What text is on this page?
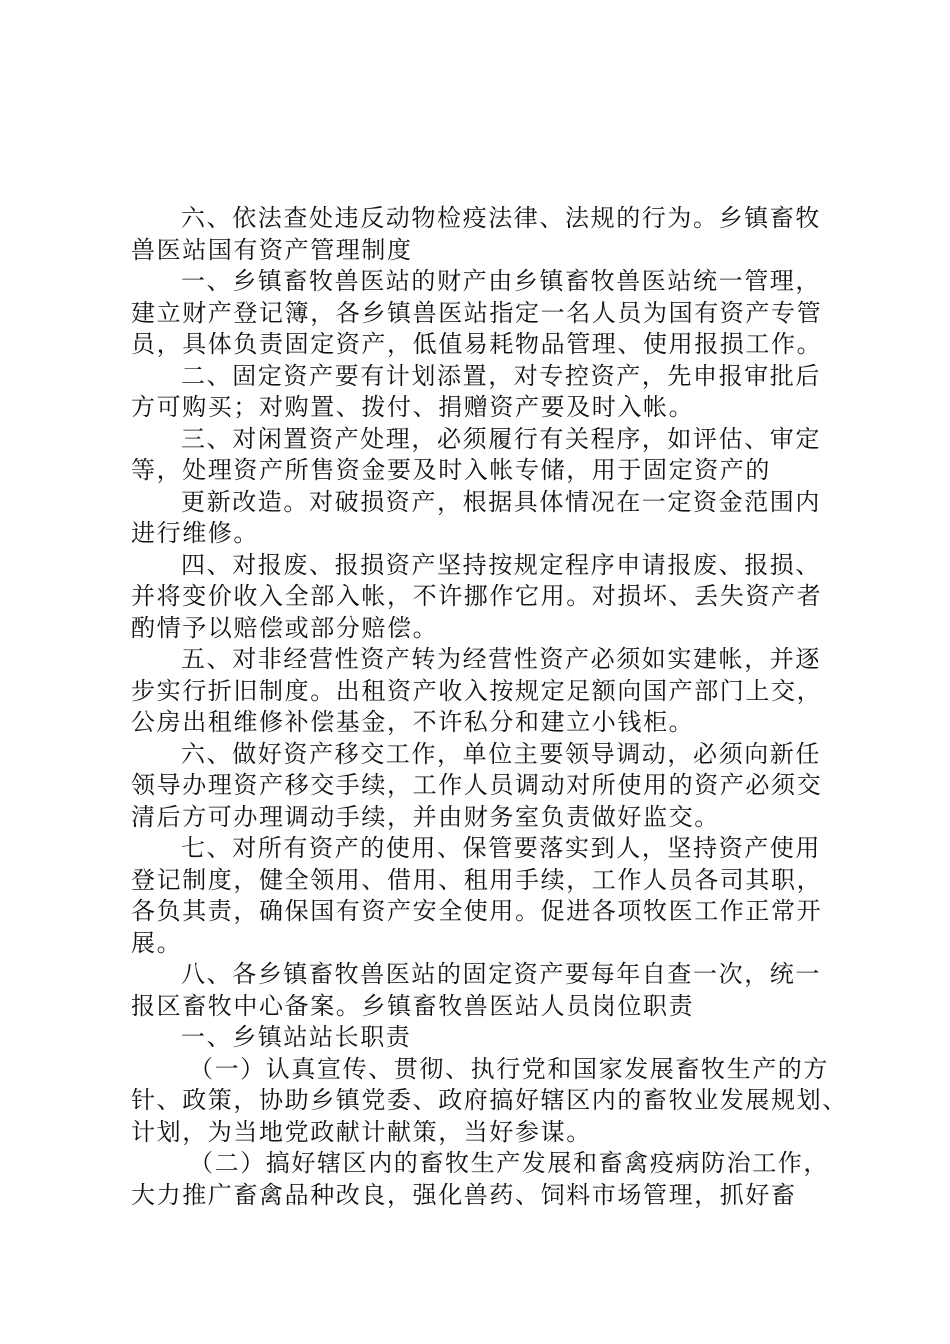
六、依法查处违反动物检疫法律、法规的行为。乡镇畜牧
兽医站国有资产管理制度
一、乡镇畜牧兽医站的财产由乡镇畜牧兽医站统一管理，
建立财产登记簿，各乡镇兽医站指定一名人员为国有资产专管
员，具体负责固定资产，低值易耗物品管理、使用报损工作。
二、固定资产要有计划添置，对专控资产，先申报审批后
方可购买；对购置、拨付、捐赠资产要及时入帐。
三、对闲置资产处理，必须履行有关程序，如评估、审定
等，处理资产所售资金要及时入帐专储，用于固定资产的
更新改造。对破损资产，根据具体情况在一定资金范围内
进行维修。
四、对报废、报损资产坚持按规定程序申请报废、报损、
并将变价收入全部入帐，不许挪作它用。对损坏、丢失资产者
酌情予以赔偿或部分赔偿。
五、对非经营性资产转为经营性资产必须如实建帐，并逐
步实行折旧制度。出租资产收入按规定足额向国产部门上交，
公房出租维修补偿基金，不许私分和建立小钱柜。
六、做好资产移交工作，单位主要领导调动，必须向新任
领导办理资产移交手续，工作人员调动对所使用的资产必须交
清后方可办理调动手续，并由财务室负责做好监交。
七、对所有资产的使用、保管要落实到人，坚持资产使用
登记制度，健全领用、借用、租用手续，工作人员各司其职，
各负其责，确保国有资产安全使用。促进各项牧医工作正常开
展。
八、各乡镇畜牧兽医站的固定资产要每年自查一次，统一
报区畜牧中心备案。乡镇畜牧兽医站人员岗位职责
一、乡镇站站长职责
（一）认真宣传、贯彻、执行党和国家发展畜牧生产的方
针、政策，协助乡镇党委、政府搞好辖区内的畜牧业发展规划、
计划，为当地党政献计献策，当好参谋。
（二）搞好辖区内的畜牧生产发展和畜禽疫病防治工作，
大力推广畜禽品种改良，强化兽药、饲料市场管理，抓好畜
